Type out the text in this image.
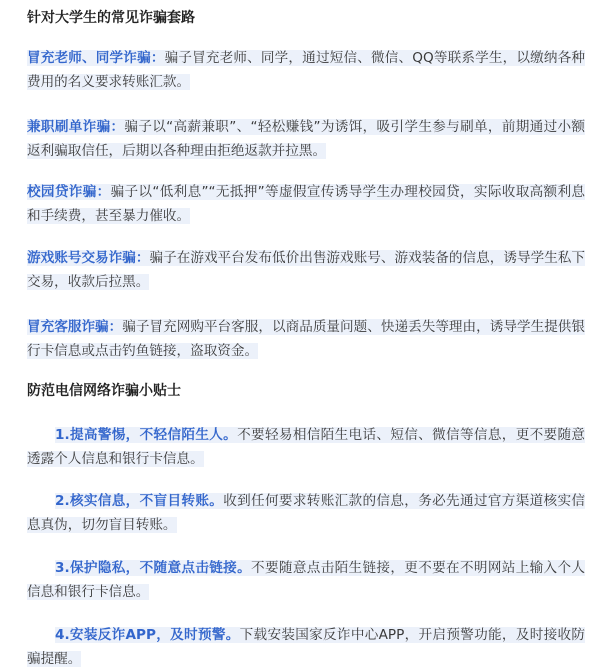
针对大学生的常见诈骗套路

冒充老师、同学诈骗：骗子冒充老师、同学，通过短信、微信、QQ等联系学生，以缴纳各种费用的名义要求转账汇款。

兼职刷单诈骗：骗子以“高薪兼职”、“轻松赚钱”为诱饵，吸引学生参与刷单，前期通过小额返利骗取信任，后期以各种理由拒绝返款并拉黑。

校园贷诈骗：骗子以“低利息”“无抵押”等虚假宣传诱导学生办理校园贷，实际收取高额利息和手续费，甚至暴力催收。

游戏账号交易诈骗：骗子在游戏平台发布低价出售游戏账号、游戏装备的信息，诱导学生私下交易，收款后拉黑。

冒充客服诈骗：骗子冒充网购平台客服，以商品质量问题、快递丢失等理由，诱导学生提供银行卡信息或点击钓鱼链接，盗取资金。

防范电信网络诈骗小贴士

1.提高警惕，不轻信陌生人。不要轻易相信陌生电话、短信、微信等信息，更不要随意透露个人信息和银行卡信息。

2.核实信息，不盲目转账。收到任何要求转账汇款的信息，务必先通过官方渠道核实信息真伪，切勿盲目转账。

3.保护隐私，不随意点击链接。不要随意点击陌生链接，更不要在不明网站上输入个人信息和银行卡信息。

4.安装反诈APP，及时预警。下载安装国家反诈中心APP，开启预警功能，及时接收防骗提醒。
